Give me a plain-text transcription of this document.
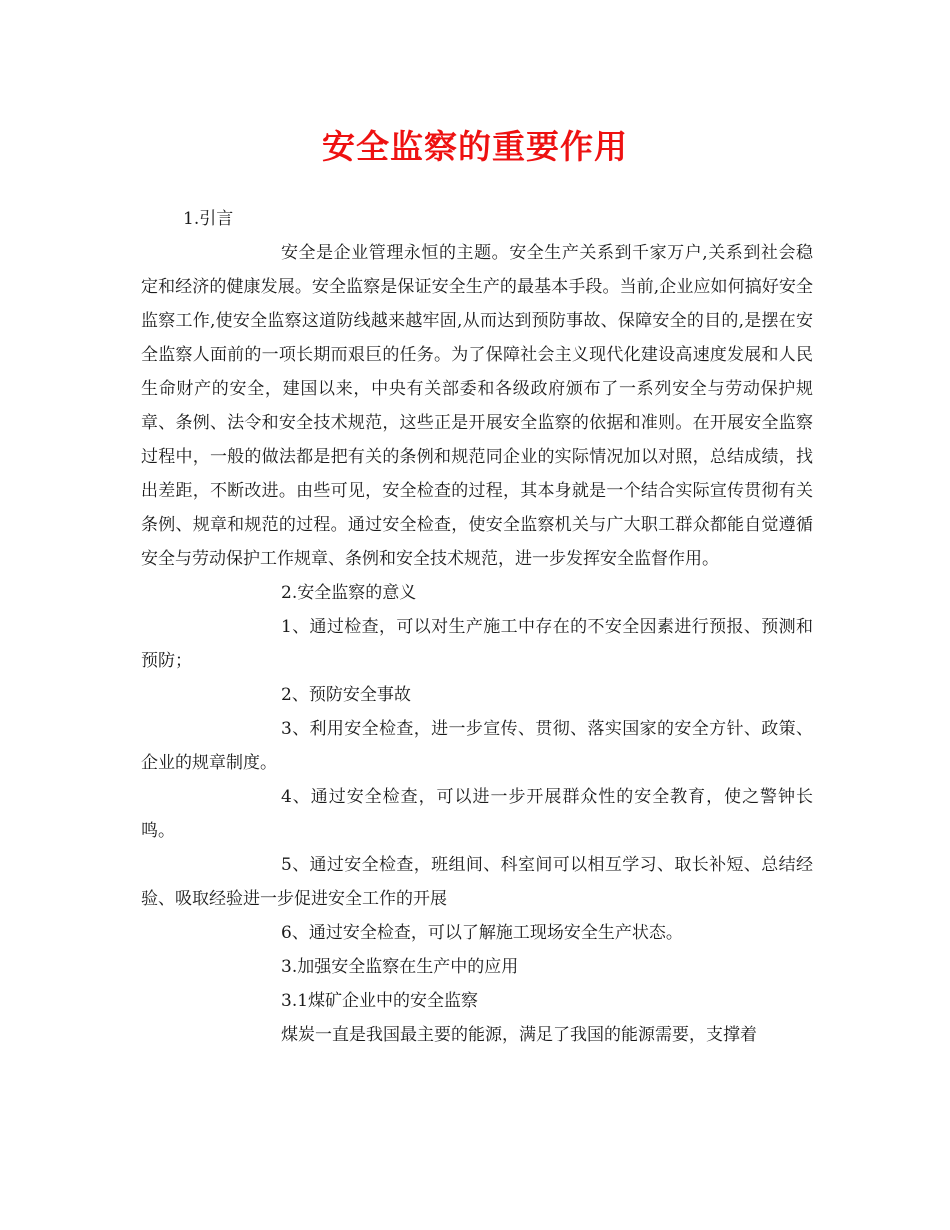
安全监察的重要作用

1.引言

安全是企业管理永恒的主题。安全生产关系到千家万户,关系到社会稳定和经济的健康发展。安全监察是保证安全生产的最基本手段。当前,企业应如何搞好安全监察工作,使安全监察这道防线越来越牢固,从而达到预防事故、保障安全的目的,是摆在安全监察人面前的一项长期而艰巨的任务。为了保障社会主义现代化建设高速度发展和人民生命财产的安全，建国以来，中央有关部委和各级政府颁布了一系列安全与劳动保护规章、条例、法令和安全技术规范，这些正是开展安全监察的依据和准则。在开展安全监察过程中，一般的做法都是把有关的条例和规范同企业的实际情况加以对照，总结成绩，找出差距，不断改进。由些可见，安全检查的过程，其本身就是一个结合实际宣传贯彻有关条例、规章和规范的过程。通过安全检查，使安全监察机关与广大职工群众都能自觉遵循安全与劳动保护工作规章、条例和安全技术规范，进一步发挥安全监督作用。

2.安全监察的意义

1、通过检查，可以对生产施工中存在的不安全因素进行预报、预测和预防；

2、预防安全事故

3、利用安全检查，进一步宣传、贯彻、落实国家的安全方针、政策、企业的规章制度。

4、通过安全检查，可以进一步开展群众性的安全教育，使之警钟长鸣。

5、通过安全检查，班组间、科室间可以相互学习、取长补短、总结经验、吸取经验进一步促进安全工作的开展

6、通过安全检查，可以了解施工现场安全生产状态。

3.加强安全监察在生产中的应用

3.1煤矿企业中的安全监察

煤炭一直是我国最主要的能源，满足了我国的能源需要，支撑着
